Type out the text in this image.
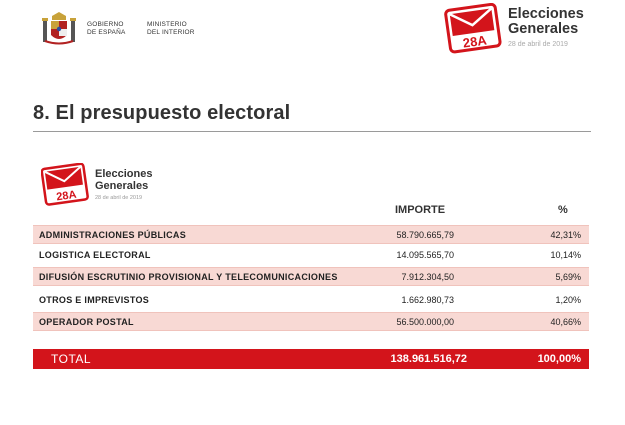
GOBIERNO
DE ESPAÑA
MINISTERIO
DEL INTERIOR	28A
Elecciones
Generales
28 de abril de 2019
8. El presupuesto electoral
28A
Elecciones
Generales
28 de abril de 2019
IMPORTE	%
ADMINISTRACIONES PÚBLICAS	58.790.665,79	42,31%
LOGISTICA ELECTORAL	14.095.565,70	10,14%
DIFUSIÓN ESCRUTINIO PROVISIONAL Y TELECOMUNICACIONES	7.912.304,50	5,69%
OTROS E IMPREVISTOS	1.662.980,73	1,20%
OPERADOR POSTAL	56.500.000,00	40,66%
TOTAL	138.961.516,72	100,00%
